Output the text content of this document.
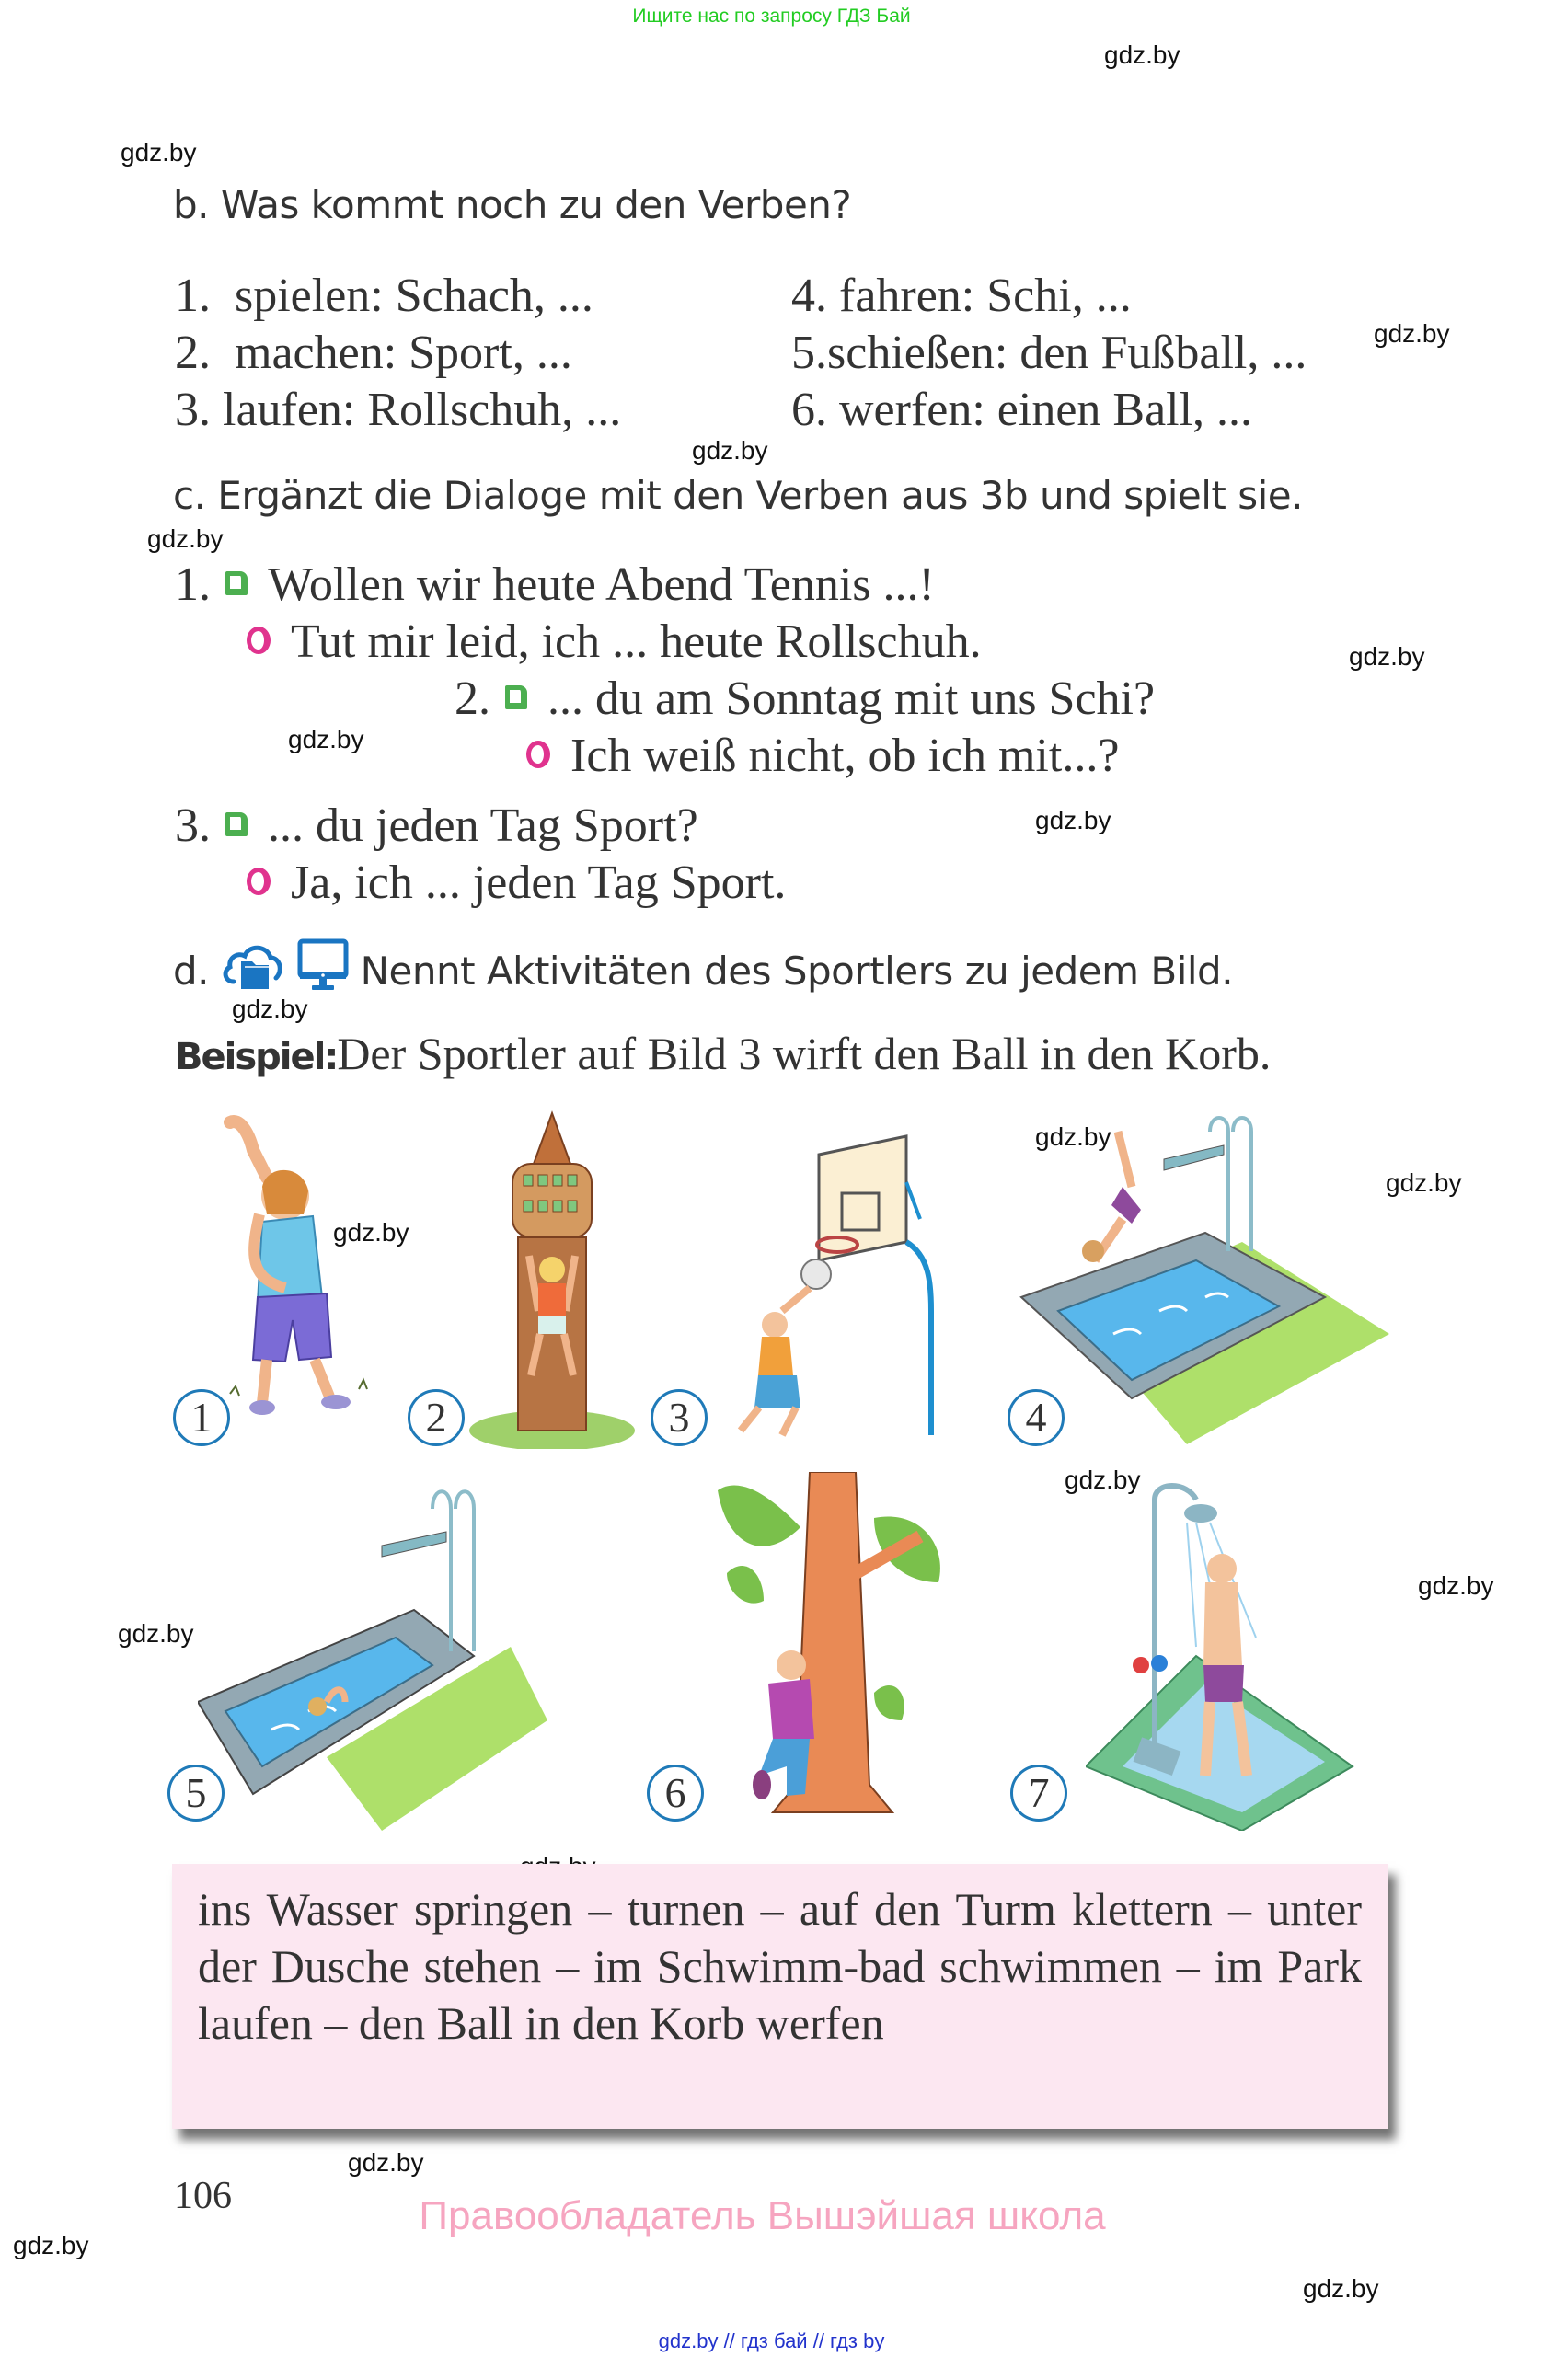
Ищите нас по запросу ГДЗ Бай
gdz.by
gdz.by
gdz.by
gdz.by
gdz.by
gdz.by
gdz.by
gdz.by
gdz.by
gdz.by
gdz.by
gdz.by
gdz.by
gdz.by
gdz.by
gdz.by
gdz.by
gdz.by
b. Was kommt noch zu den Verben?
1. spielen: Schach, ...
2. machen: Sport, ...
3. laufen: Rollschuh, ...
4. fahren: Schi, ...
5.schießen: den Fußball, ...
6. werfen: einen Ball, ...
c. Ergänzt die Dialoge mit den Verben aus 3b und spielt sie.
1. Wollen wir heute Abend Tennis ...!
Tut mir leid, ich ... heute Rollschuh.
2. ... du am Sonntag mit uns Schi?
Ich weiß nicht, ob ich mit...?
3. ... du jeden Tag Sport?
Ja, ich ... jeden Tag Sport.
d.	Nennt Aktivitäten des Sportlers zu jedem Bild.
Beispiel:Der Sportler auf Bild 3 wirft den Ball in den Korb.
1	2	3	4
5	6	7

ins Wasser springen – turnen – auf den Turm klettern – unter der Dusche stehen – im Schwimm-bad schwimmen – im Park laufen – den Ball in den Korb werfen

106	Правообладатель Вышэйшая школа
gdz.by // гдз бай // гдз by
